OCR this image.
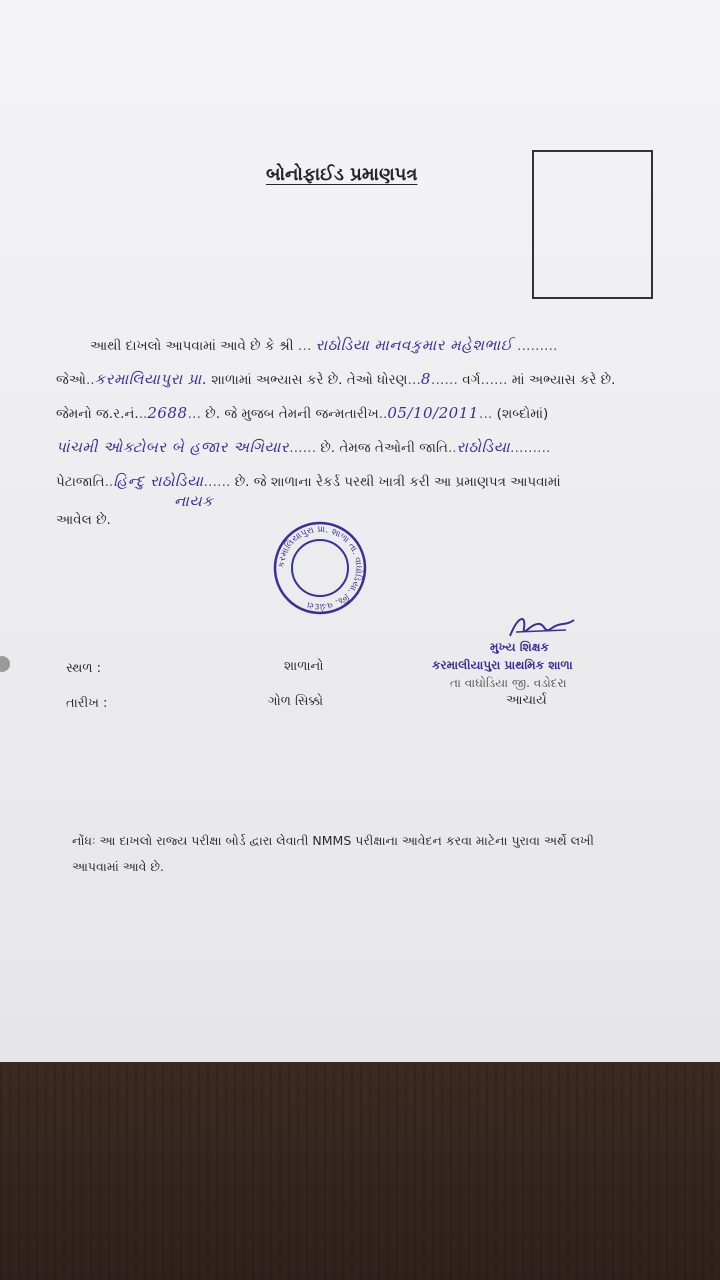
બોનોફાઈડ પ્રમાણપત્ર
આથી દાખલો આપવામાં આવે છે કે શ્રી … રાઠોડિયા માનવકુમાર મહેશભાઈ ………
જેઓ..કરમાલિયાપુરા પ્રા. શાળામાં અભ્યાસ કરે છે. તેઓ ધોરણ…8…… વર્ગ…… માં અભ્યાસ કરે છે.
જેમનો જ.ર.નં...2688… છે. જે મુજબ તેમની જન્મતારીખ..05/10/2011… (શબ્દોમાં)
પાંચમી ઓક્ટોબર બે હજાર અગિયાર…… છે. તેમજ તેઓની જાતિ..રાઠોડિયા………
પેટાજાતિ..હિન્દુ રાઠોડિયા…… છે. જે શાળાના રેકર્ડ પરથી ખાત્રી કરી આ પ્રમાણપત્ર આપવામાં
નાયક
આવેલ છે.
કરમાલિયાપુરા પ્રા. શાળા તા. વાઘોડિયા. જિ. વડોદરા
મુખ્ય શિક્ષક
કરમાલીયાપુરા પ્રાથમિક શાળા
તા વાઘોડિયા જી. વડોદરા
સ્થળ :	શાળાનો
તારીખ :	ગોળ સિક્કો	આચાર્ય
નોંધઃ આ દાખલો રાજ્ય પરીક્ષા બોર્ડ દ્વારા લેવાતી NMMS પરીક્ષાના આવેદન કરવા માટેના પુરાવા અર્થે લખી આપવામાં આવે છે.
